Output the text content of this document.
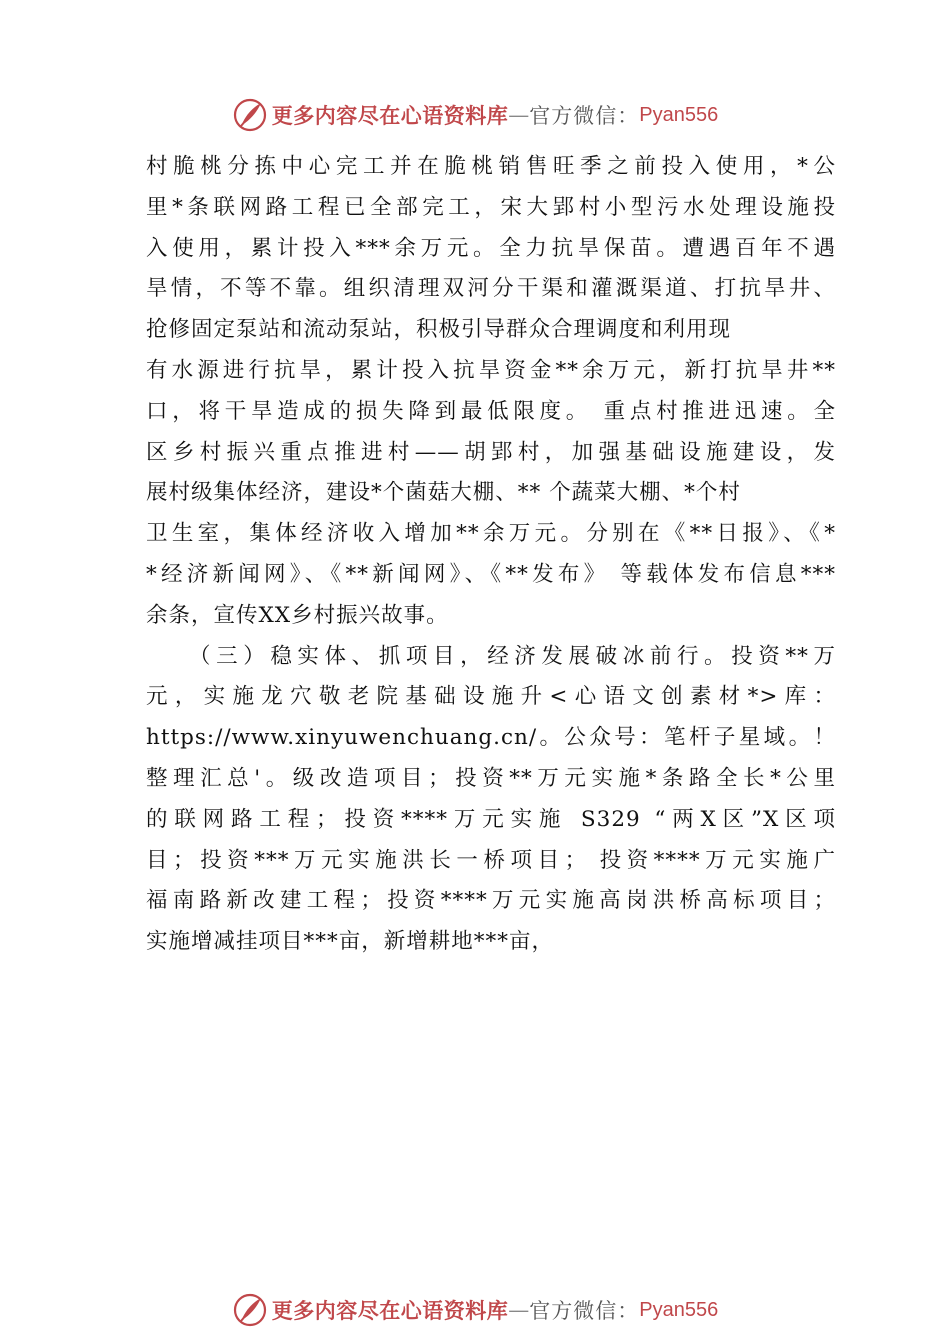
更多内容尽在心语资料库 — 官方微信： Pyan556
村脆桃分拣中心完工并在脆桃销售旺季之前投入使用，*公
里*条联网路工程已全部完工，宋大郢村小型污水处理设施投
入使用，累计投入***余万元。全力抗旱保苗。遭遇百年不遇
旱情，不等不靠。组织清理双河分干渠和灌溉渠道、打抗旱井、
抢修固定泵站和流动泵站，积极引导群众合理调度和利用现
有水源进行抗旱，累计投入抗旱资金**余万元，新打抗旱井**
口，将干旱造成的损失降到最低限度。 重点村推进迅速。全
区乡村振兴重点推进村——胡郢村，加强基础设施建设，发
展村级集体经济，建设*个菌菇大棚、** 个蔬菜大棚、*个村
卫生室，集体经济收入增加**余万元。分别在《**日报》、《*
*经济新闻网》、《**新闻网》、《**发布》 等载体发布信息***
余条，宣传XX乡村振兴故事。
（三）稳实体、抓项目，经济发展破冰前行。投资**万
元，实施龙穴敬老院基础设施升<心语文创素材*>库：
https://www.xinyuwenchuang.cn/。公众号：笔杆子星域。！
整理汇总'。级改造项目；投资**万元实施*条路全长*公里
的联网路工程；投资****万元实施 S329 “两X区”X区项
目；投资***万元实施洪长一桥项目； 投资****万元实施广
福南路新改建工程；投资****万元实施高岗洪桥高标项目；
实施增减挂项目***亩，新增耕地***亩，
更多内容尽在心语资料库 — 官方微信： Pyan556
